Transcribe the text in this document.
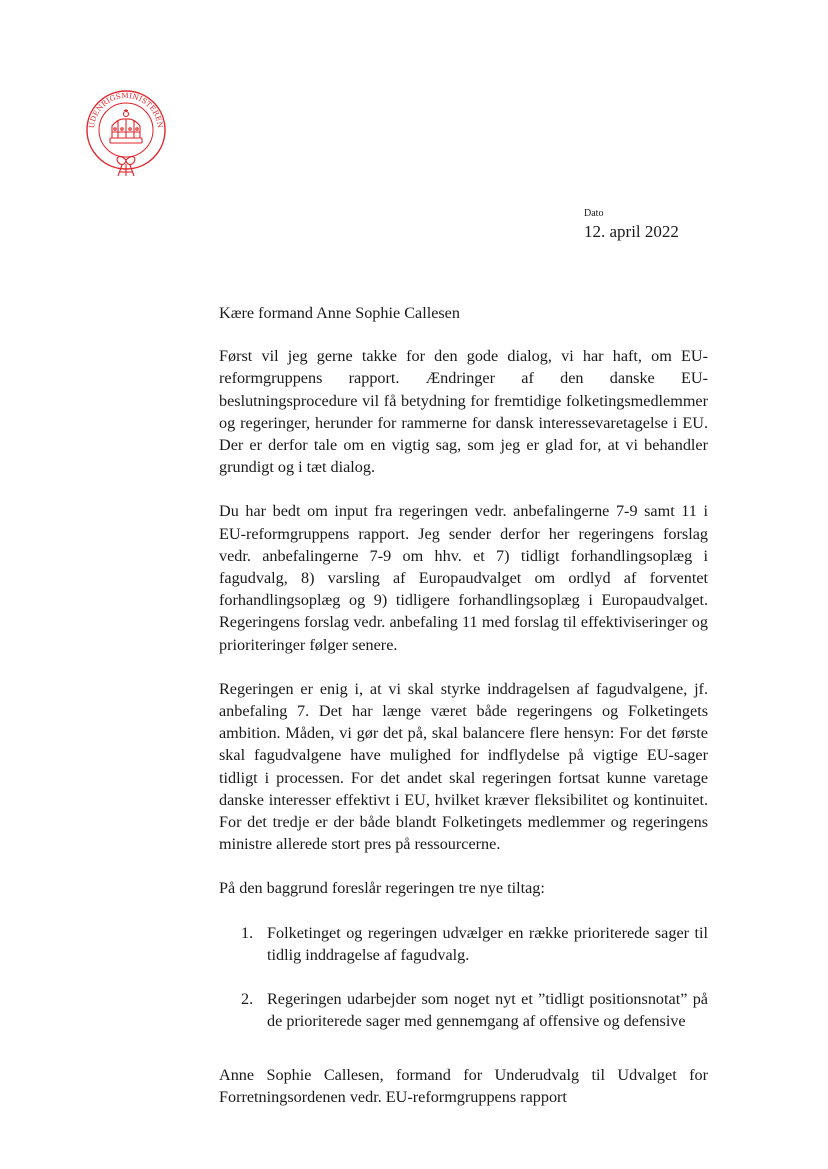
UDENRIGSMINISTEREN
Dato
12. april 2022

Kære formand Anne Sophie Callesen

Først vil jeg gerne takke for den gode dialog, vi har haft, om EU-reformgruppens rapport. Ændringer af den danske EU-beslutningsprocedure vil få betydning for fremtidige folketingsmedlemmer og regeringer, herunder for rammerne for dansk interessevaretagelse i EU. Der er derfor tale om en vigtig sag, som jeg er glad for, at vi behandler grundigt og i tæt dialog.

Du har bedt om input fra regeringen vedr. anbefalingerne 7-9 samt 11 i EU-reformgruppens rapport. Jeg sender derfor her regeringens forslag vedr. anbefalingerne 7-9 om hhv. et 7) tidligt forhandlingsoplæg i fagudvalg, 8) varsling af Europaudvalget om ordlyd af forventet forhandlingsoplæg og 9) tidligere forhandlingsoplæg i Europaudvalget. Regeringens forslag vedr. anbefaling 11 med forslag til effektiviseringer og prioriteringer følger senere.

Regeringen er enig i, at vi skal styrke inddragelsen af fagudvalgene, jf. anbefaling 7. Det har længe været både regeringens og Folketingets ambition. Måden, vi gør det på, skal balancere flere hensyn: For det første skal fagudvalgene have mulighed for indflydelse på vigtige EU-sager tidligt i processen. For det andet skal regeringen fortsat kunne varetage danske interesser effektivt i EU, hvilket kræver fleksibilitet og kontinuitet. For det tredje er der både blandt Folketingets medlemmer og regeringens ministre allerede stort pres på ressourcerne.

På den baggrund foreslår regeringen tre nye tiltag:

1. Folketinget og regeringen udvælger en række prioriterede sager til tidlig inddragelse af fagudvalg.
2. Regeringen udarbejder som noget nyt et ”tidligt positionsnotat” på de prioriterede sager med gennemgang af offensive og defensive
Anne Sophie Callesen, formand for Underudvalg til Udvalget for Forretningsordenen vedr. EU-reformgruppens rapport
